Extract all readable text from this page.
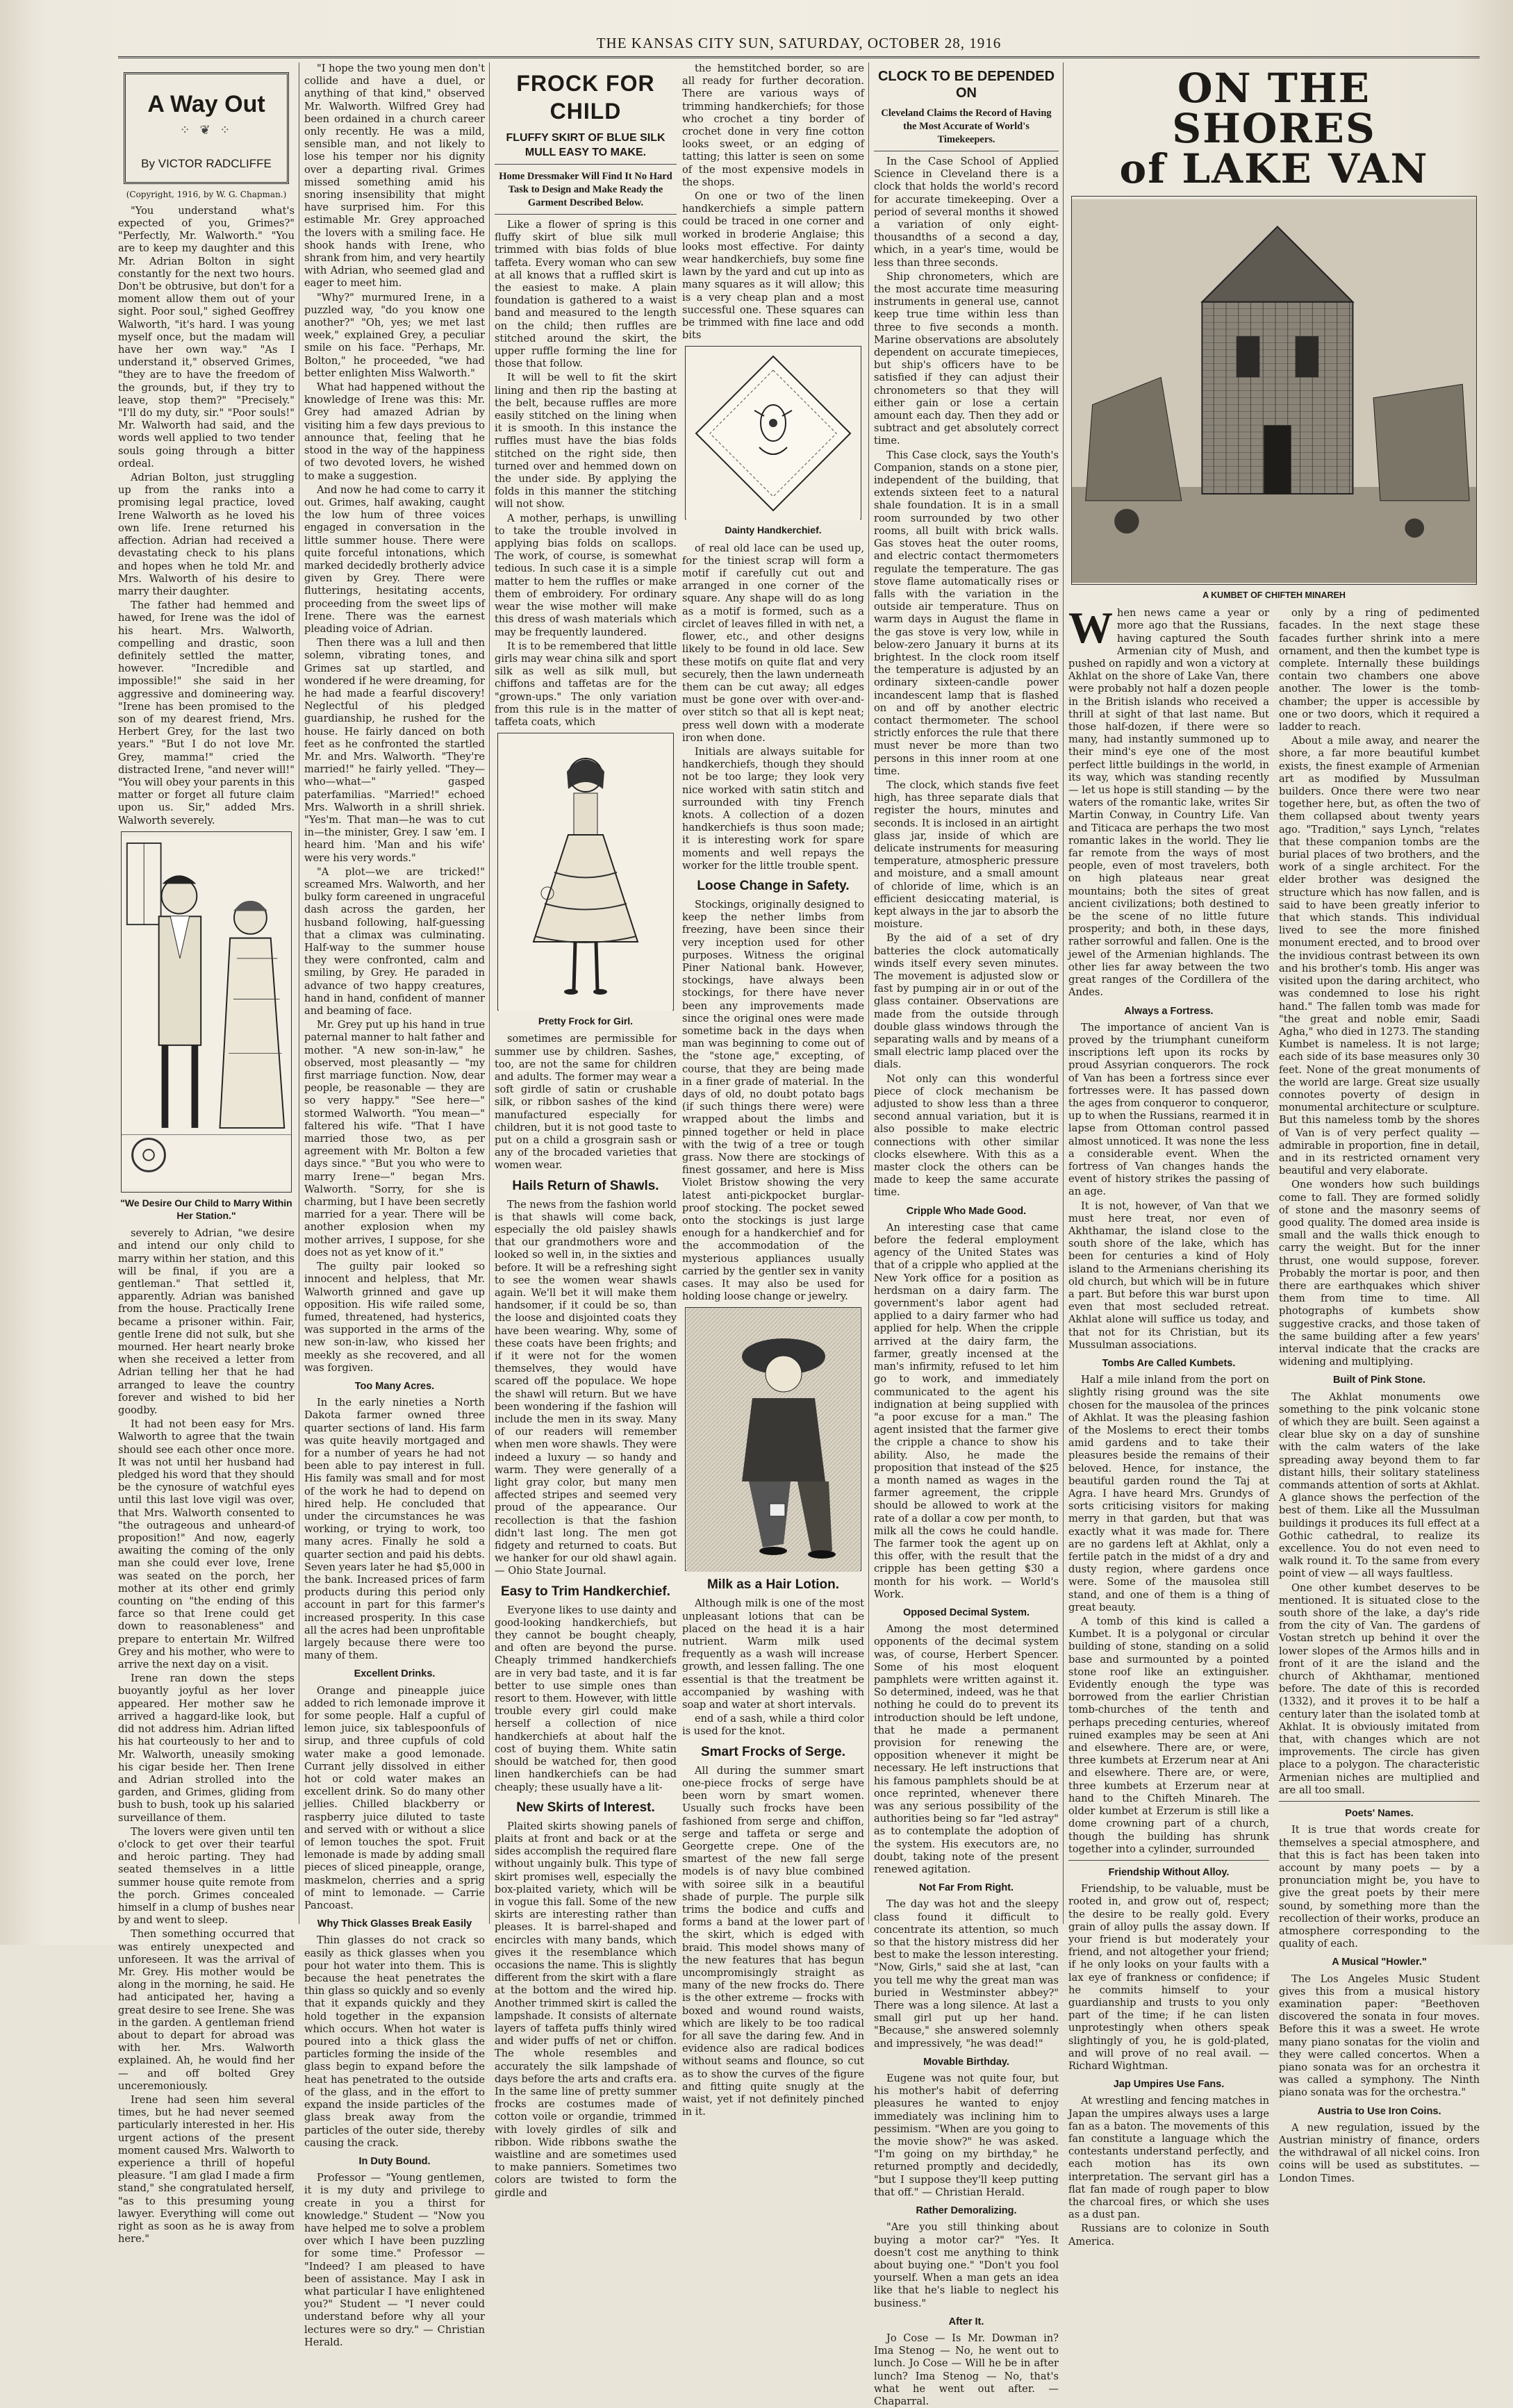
THE KANSAS CITY SUN, SATURDAY, OCTOBER 28, 1916
A Way Out
⁘ ❦ ⁘
By VICTOR RADCLIFFE
(Copyright, 1916, by W. G. Chapman.)

"You understand what's expected of you, Grimes?" "Perfectly, Mr. Walworth." "You are to keep my daughter and this Mr. Adrian Bolton in sight constantly for the next two hours. Don't be obtrusive, but don't for a moment allow them out of your sight. Poor soul," sighed Geoffrey Walworth, "it's hard. I was young myself once, but the madam will have her own way." "As I understand it," observed Grimes, "they are to have the freedom of the grounds, but, if they try to leave, stop them?" "Precisely." "I'll do my duty, sir." "Poor souls!" Mr. Walworth had said, and the words well applied to two tender souls going through a bitter ordeal.

Adrian Bolton, just struggling up from the ranks into a promising legal practice, loved Irene Walworth as he loved his own life. Irene returned his affection. Adrian had received a devastating check to his plans and hopes when he told Mr. and Mrs. Walworth of his desire to marry their daughter.

The father had hemmed and hawed, for Irene was the idol of his heart. Mrs. Walworth, compelling and drastic, soon definitely settled the matter, however. "Incredible and impossible!" she said in her aggressive and domineering way. "Irene has been promised to the son of my dearest friend, Mrs. Herbert Grey, for the last two years." "But I do not love Mr. Grey, mamma!" cried the distracted Irene, "and never will!" "You will obey your parents in this matter or forget all future claim upon us. Sir," added Mrs. Walworth severely.

"We Desire Our Child to Marry Within Her Station."

severely to Adrian, "we desire and intend our only child to marry within her station, and this will be final, if you are a gentleman." That settled it, apparently. Adrian was banished from the house. Practically Irene became a prisoner within. Fair, gentle Irene did not sulk, but she mourned. Her heart nearly broke when she received a letter from Adrian telling her that he had arranged to leave the country forever and wished to bid her goodby.

It had not been easy for Mrs. Walworth to agree that the twain should see each other once more. It was not until her husband had pledged his word that they should be the cynosure of watchful eyes until this last love vigil was over, that Mrs. Walworth consented to "the outrageous and unheard-of proposition!" And now, eagerly awaiting the coming of the only man she could ever love, Irene was seated on the porch, her mother at its other end grimly counting on "the ending of this farce so that Irene could get down to reasonableness" and prepare to entertain Mr. Wilfred Grey and his mother, who were to arrive the next day on a visit.

Irene ran down the steps buoyantly joyful as her lover appeared. Her mother saw he arrived a haggard-like look, but did not address him. Adrian lifted his hat courteously to her and to Mr. Walworth, uneasily smoking his cigar beside her. Then Irene and Adrian strolled into the garden, and Grimes, gliding from bush to bush, took up his salaried surveillance of them.

The lovers were given until ten o'clock to get over their tearful and heroic parting. They had seated themselves in a little summer house quite remote from the porch. Grimes concealed himself in a clump of bushes near by and went to sleep.

Then something occurred that was entirely unexpected and unforeseen. It was the arrival of Mr. Grey. His mother would be along in the morning, he said. He had anticipated her, having a great desire to see Irene. She was in the garden. A gentleman friend about to depart for abroad was with her. Mrs. Walworth explained. Ah, he would find her — and off bolted Grey unceremoniously.

Irene had seen him several times, but he had never seemed particularly interested in her. His urgent actions of the present moment caused Mrs. Walworth to experience a thrill of hopeful pleasure. "I am glad I made a firm stand," she congratulated herself, "as to this presuming young lawyer. Everything will come out right as soon as he is away from here."

"I hope the two young men don't collide and have a duel, or anything of that kind," observed Mr. Walworth. Wilfred Grey had been ordained in a church career only recently. He was a mild, sensible man, and not likely to lose his temper nor his dignity over a departing rival. Grimes missed something amid his snoring insensibility that might have surprised him. For this estimable Mr. Grey approached the lovers with a smiling face. He shook hands with Irene, who shrank from him, and very heartily with Adrian, who seemed glad and eager to meet him.

"Why?" murmured Irene, in a puzzled way, "do you know one another?" "Oh, yes; we met last week," explained Grey, a peculiar smile on his face. "Perhaps, Mr. Bolton," he proceeded, "we had better enlighten Miss Walworth."

What had happened without the knowledge of Irene was this: Mr. Grey had amazed Adrian by visiting him a few days previous to announce that, feeling that he stood in the way of the happiness of two devoted lovers, he wished to make a suggestion.

And now he had come to carry it out. Grimes, half awaking, caught the low hum of three voices engaged in conversation in the little summer house. There were quite forceful intonations, which marked decidedly brotherly advice given by Grey. There were flutterings, hesitating accents, proceeding from the sweet lips of Irene. There was the earnest pleading voice of Adrian.

Then there was a lull and then solemn, vibrating tones, and Grimes sat up startled, and wondered if he were dreaming, for he had made a fearful discovery! Neglectful of his pledged guardianship, he rushed for the house. He fairly danced on both feet as he confronted the startled Mr. and Mrs. Walworth. "They're married!" he fairly yelled. "They—who—what—" gasped paterfamilias. "Married!" echoed Mrs. Walworth in a shrill shriek. "Yes'm. That man—he was to cut in—the minister, Grey. I saw 'em. I heard him. 'Man and his wife' were his very words."

"A plot—we are tricked!" screamed Mrs. Walworth, and her bulky form careened in ungraceful dash across the garden, her husband following, half-guessing that a climax was culminating. Half-way to the summer house they were confronted, calm and smiling, by Grey. He paraded in advance of two happy creatures, hand in hand, confident of manner and beaming of face.

Mr. Grey put up his hand in true paternal manner to halt father and mother. "A new son-in-law," he observed, most pleasantly — "my first marriage function. Now, dear people, be reasonable — they are so very happy." "See here—" stormed Walworth. "You mean—" faltered his wife. "That I have married those two, as per agreement with Mr. Bolton a few days since." "But you who were to marry Irene—" began Mrs. Walworth. "Sorry, for she is charming, but I have been secretly married for a year. There will be another explosion when my mother arrives, I suppose, for she does not as yet know of it."

The guilty pair looked so innocent and helpless, that Mr. Walworth grinned and gave up opposition. His wife railed some, fumed, threatened, had hysterics, was supported in the arms of the new son-in-law, who kissed her meekly as she recovered, and all was forgiven.

Too Many Acres.

In the early nineties a North Dakota farmer owned three quarter sections of land. His farm was quite heavily mortgaged and for a number of years he had not been able to pay interest in full. His family was small and for most of the work he had to depend on hired help. He concluded that under the circumstances he was working, or trying to work, too many acres. Finally he sold a quarter section and paid his debts. Seven years later he had $5,000 in the bank. Increased prices of farm products during this period only account in part for this farmer's increased prosperity. In this case all the acres had been unprofitable largely because there were too many of them.

Excellent Drinks.

Orange and pineapple juice added to rich lemonade improve it for some people. Half a cupful of lemon juice, six tablespoonfuls of sirup, and three cupfuls of cold water make a good lemonade. Currant jelly dissolved in either hot or cold water makes an excellent drink. So do many other jellies. Chilled blackberry or raspberry juice diluted to taste and served with or without a slice of lemon touches the spot. Fruit lemonade is made by adding small pieces of sliced pineapple, orange, maskmelon, cherries and a sprig of mint to lemonade. — Carrie Pancoast.

Why Thick Glasses Break Easily

Thin glasses do not crack so easily as thick glasses when you pour hot water into them. This is because the heat penetrates the thin glass so quickly and so evenly that it expands quickly and they hold together in the expansion which occurs. When hot water is poured into a thick glass the particles forming the inside of the glass begin to expand before the heat has penetrated to the outside of the glass, and in the effort to expand the inside particles of the glass break away from the particles of the outer side, thereby causing the crack.

In Duty Bound.

Professor — "Young gentlemen, it is my duty and privilege to create in you a thirst for knowledge." Student — "Now you have helped me to solve a problem over which I have been puzzling for some time." Professor — "Indeed? I am pleased to have been of assistance. May I ask in what particular I have enlightened you?" Student — "I never could understand before why all your lectures were so dry." — Christian Herald.

FROCK FOR CHILD
FLUFFY SKIRT OF BLUE SILK MULL EASY TO MAKE.
Home Dressmaker Will Find It No Hard Task to Design and Make Ready the Garment Described Below.

Like a flower of spring is this fluffy skirt of blue silk mull trimmed with bias folds of blue taffeta. Every woman who can sew at all knows that a ruffled skirt is the easiest to make. A plain foundation is gathered to a waist band and measured to the length on the child; then ruffles are stitched around the skirt, the upper ruffle forming the line for those that follow.

It will be well to fit the skirt lining and then rip the basting at the belt, because ruffles are more easily stitched on the lining when it is smooth. In this instance the ruffles must have the bias folds stitched on the right side, then turned over and hemmed down on the under side. By applying the folds in this manner the stitching will not show.

A mother, perhaps, is unwilling to take the trouble involved in applying bias folds on scallops. The work, of course, is somewhat tedious. In such case it is a simple matter to hem the ruffles or make them of embroidery. For ordinary wear the wise mother will make this dress of wash materials which may be frequently laundered.

It is to be remembered that little girls may wear china silk and sport silk as well as silk mull, but chiffons and taffetas are for the "grown-ups." The only variation from this rule is in the matter of taffeta coats, which

Pretty Frock for Girl.

sometimes are permissible for summer use by children. Sashes, too, are not the same for children and adults. The former may wear a soft girdle of satin or crushable silk, or ribbon sashes of the kind manufactured especially for children, but it is not good taste to put on a child a grosgrain sash or any of the brocaded varieties that women wear.

Hails Return of Shawls.

The news from the fashion world is that shawls will come back, especially the old paisley shawls that our grandmothers wore and looked so well in, in the sixties and before. It will be a refreshing sight to see the women wear shawls again. We'll bet it will make them handsomer, if it could be so, than the loose and disjointed coats they have been wearing. Why, some of these coats have been frights; and if it were not for the women themselves, they would have scared off the populace. We hope the shawl will return. But we have been wondering if the fashion will include the men in its sway. Many of our readers will remember when men wore shawls. They were indeed a luxury — so handy and warm. They were generally of a light gray color, but many men affected stripes and seemed very proud of the appearance. Our recollection is that the fashion didn't last long. The men got fidgety and returned to coats. But we hanker for our old shawl again. — Ohio State Journal.

Easy to Trim Handkerchief.

Everyone likes to use dainty and good-looking handkerchiefs, but they cannot be bought cheaply, and often are beyond the purse. Cheaply trimmed handkerchiefs are in very bad taste, and it is far better to use simple ones than resort to them. However, with little trouble every girl could make herself a collection of nice handkerchiefs at about half the cost of buying them. White satin should be watched for, then good linen handkerchiefs can be had cheaply; these usually have a lit-

New Skirts of Interest.

Plaited skirts showing panels of plaits at front and back or at the sides accomplish the required flare without ungainly bulk. This type of skirt promises well, especially the box-plaited variety, which will be in vogue this fall. Some of the new skirts are interesting rather than pleases. It is barrel-shaped and encircles with many bands, which gives it the resemblance which occasions the name. This is slightly different from the skirt with a flare at the bottom and the wired hip. Another trimmed skirt is called the lampshade. It consists of alternate layers of taffeta puffs thinly wired and wider puffs of net or chiffon. The whole resembles and accurately the silk lampshade of days before the arts and crafts era. In the same line of pretty summer frocks are costumes made of cotton voile or organdie, trimmed with lovely girdles of silk and ribbon. Wide ribbons swathe the waistline and are sometimes used to make panniers. Sometimes two colors are twisted to form the girdle and

the hemstitched border, so are all ready for further decoration. There are various ways of trimming handkerchiefs; for those who crochet a tiny border of crochet done in very fine cotton looks sweet, or an edging of tatting; this latter is seen on some of the most expensive models in the shops.

On one or two of the linen handkerchiefs a simple pattern could be traced in one corner and worked in broderie Anglaise; this looks most effective. For dainty wear handkerchiefs, buy some fine lawn by the yard and cut up into as many squares as it will allow; this is a very cheap plan and a most successful one. These squares can be trimmed with fine lace and odd bits

Dainty Handkerchief.

of real old lace can be used up, for the tiniest scrap will form a motif if carefully cut out and arranged in one corner of the square. Any shape will do as long as a motif is formed, such as a circlet of leaves filled in with net, a flower, etc., and other designs likely to be found in old lace. Sew these motifs on quite flat and very securely, then the lawn underneath them can be cut away; all edges must be gone over with over-and-over stitch so that all is kept neat; press well down with a moderate iron when done.

Initials are always suitable for handkerchiefs, though they should not be too large; they look very nice worked with satin stitch and surrounded with tiny French knots. A collection of a dozen handkerchiefs is thus soon made; it is interesting work for spare moments and well repays the worker for the little trouble spent.

Loose Change in Safety.

Stockings, originally designed to keep the nether limbs from freezing, have been since their very inception used for other purposes. Witness the original Piner National bank. However, stockings, have always been stockings, for there have never been any improvements made since the original ones were made sometime back in the days when man was beginning to come out of the "stone age," excepting, of course, that they are being made in a finer grade of material. In the days of old, no doubt potato bags (if such things there were) were wrapped about the limbs and pinned together or held in place with the twig of a tree or tough grass. Now there are stockings of finest gossamer, and here is Miss Violet Bristow showing the very latest anti-pickpocket burglar-proof stocking. The pocket sewed onto the stockings is just large enough for a handkerchief and for the accommodation of the mysterious appliances usually carried by the gentler sex in vanity cases. It may also be used for holding loose change or jewelry.

Milk as a Hair Lotion.

Although milk is one of the most unpleasant lotions that can be placed on the head it is a hair nutrient. Warm milk used frequently as a wash will increase growth, and lessen falling. The one essential is that the treatment be accompanied by washing with soap and water at short intervals.

end of a sash, while a third color is used for the knot.

Smart Frocks of Serge.

All during the summer smart one-piece frocks of serge have been worn by smart women. Usually such frocks have been fashioned from serge and chiffon, serge and taffeta or serge and Georgette crepe. One of the smartest of the new fall serge models is of navy blue combined with soiree silk in a beautiful shade of purple. The purple silk trims the bodice and cuffs and forms a band at the lower part of the skirt, which is edged with braid. This model shows many of the new features that has begun uncompromisingly straight as many of the new frocks do. There is the other extreme — frocks with boxed and wound round waists, which are likely to be too radical for all save the daring few. And in evidence also are radical bodices without seams and flounce, so cut as to show the curves of the figure and fitting quite snugly at the waist, yet if not definitely pinched in it.

CLOCK TO BE DEPENDED ON
Cleveland Claims the Record of Having the Most Accurate of World's Timekeepers.

In the Case School of Applied Science in Cleveland there is a clock that holds the world's record for accurate timekeeping. Over a period of several months it showed a variation of only eight-thousandths of a second a day, which, in a year's time, would be less than three seconds.

Ship chronometers, which are the most accurate time measuring instruments in general use, cannot keep true time within less than three to five seconds a month. Marine observations are absolutely dependent on accurate timepieces, but ship's officers have to be satisfied if they can adjust their chronometers so that they will either gain or lose a certain amount each day. Then they add or subtract and get absolutely correct time.

This Case clock, says the Youth's Companion, stands on a stone pier, independent of the building, that extends sixteen feet to a natural shale foundation. It is in a small room surrounded by two other rooms, all built with brick walls. Gas stoves heat the outer rooms, and electric contact thermometers regulate the temperature. The gas stove flame automatically rises or falls with the variation in the outside air temperature. Thus on warm days in August the flame in the gas stove is very low, while in below-zero January it burns at its brightest. In the clock room itself the temperature is adjusted by an ordinary sixteen-candle power incandescent lamp that is flashed on and off by another electric contact thermometer. The school strictly enforces the rule that there must never be more than two persons in this inner room at one time.

The clock, which stands five feet high, has three separate dials that register the hours, minutes and seconds. It is inclosed in an airtight glass jar, inside of which are delicate instruments for measuring temperature, atmospheric pressure and moisture, and a small amount of chloride of lime, which is an efficient desiccating material, is kept always in the jar to absorb the moisture.

By the aid of a set of dry batteries the clock automatically winds itself every seven minutes. The movement is adjusted slow or fast by pumping air in or out of the glass container. Observations are made from the outside through double glass windows through the separating walls and by means of a small electric lamp placed over the dials.

Not only can this wonderful piece of clock mechanism be adjusted to show less than a three second annual variation, but it is also possible to make electric connections with other similar clocks elsewhere. With this as a master clock the others can be made to keep the same accurate time.

Cripple Who Made Good.

An interesting case that came before the federal employment agency of the United States was that of a cripple who applied at the New York office for a position as herdsman on a dairy farm. The government's labor agent had applied to a dairy farmer who had applied for help. When the cripple arrived at the dairy farm, the farmer, greatly incensed at the man's infirmity, refused to let him go to work, and immediately communicated to the agent his indignation at being supplied with "a poor excuse for a man." The agent insisted that the farmer give the cripple a chance to show his ability. Also, he made the proposition that instead of the $25 a month named as wages in the farmer agreement, the cripple should be allowed to work at the rate of a dollar a cow per month, to milk all the cows he could handle. The farmer took the agent up on this offer, with the result that the cripple has been getting $30 a month for his work. — World's Work.

Opposed Decimal System.

Among the most determined opponents of the decimal system was, of course, Herbert Spencer. Some of his most eloquent pamphlets were written against it. So determined, indeed, was he that nothing he could do to prevent its introduction should be left undone, that he made a permanent provision for renewing the opposition whenever it might be necessary. He left instructions that his famous pamphlets should be at once reprinted, whenever there was any serious possibility of the authorities being so far "led astray" as to contemplate the adoption of the system. His executors are, no doubt, taking note of the present renewed agitation.

Not Far From Right.

The day was hot and the sleepy class found it difficult to concentrate its attention, so much so that the history mistress did her best to make the lesson interesting. "Now, Girls," said she at last, "can you tell me why the great man was buried in Westminster abbey?" There was a long silence. At last a small girl put up her hand. "Because," she answered solemnly and impressively, "he was dead!"

Movable Birthday.

Eugene was not quite four, but his mother's habit of deferring pleasures he wanted to enjoy immediately was inclining him to pessimism. "When are you going to the movie show?" he was asked. "I'm going on my birthday," he returned promptly and decidedly, "but I suppose they'll keep putting that off." — Christian Herald.

Rather Demoralizing.

"Are you still thinking about buying a motor car?" "Yes. It doesn't cost me anything to think about buying one." "Don't you fool yourself. When a man gets an idea like that he's liable to neglect his business."

After It.

Jo Cose — Is Mr. Dowman in? Ima Stenog — No, he went out to lunch. Jo Cose — Will he be in after lunch? Ima Stenog — No, that's what he went out after. — Chaparral.

ON THE SHORES
of LAKE VAN
A KUMBET OF CHIFTEH MINAREH

When news came a year or more ago that the Russians, having captured the South Armenian city of Mush, and pushed on rapidly and won a victory at Akhlat on the shore of Lake Van, there were probably not half a dozen people in the British islands who received a thrill at sight of that last name. But those half-dozen, if there were so many, had instantly summoned up to their mind's eye one of the most perfect little buildings in the world, in its way, which was standing recently — let us hope is still standing — by the waters of the romantic lake, writes Sir Martin Conway, in Country Life. Van and Titicaca are perhaps the two most romantic lakes in the world. They lie far remote from the ways of most people, even of most travelers, both on high plateaus near great mountains; both the sites of great ancient civilizations; both destined to be the scene of no little future prosperity; and both, in these days, rather sorrowful and fallen. One is the jewel of the Armenian highlands. The other lies far away between the two great ranges of the Cordillera of the Andes.

Always a Fortress.

The importance of ancient Van is proved by the triumphant cuneiform inscriptions left upon its rocks by proud Assyrian conquerors. The rock of Van has been a fortress since ever fortresses were. It has passed down the ages from conqueror to conqueror, up to when the Russians, rearmed it in lapse from Ottoman control passed almost unnoticed. It was none the less a considerable event. When the fortress of Van changes hands the event of history strikes the passing of an age.

It is not, however, of Van that we must here treat, nor even of Akhthamar, the island close to the south shore of the lake, which has been for centuries a kind of Holy island to the Armenians cherishing its old church, but which will be in future a part. But before this war burst upon even that most secluded retreat. Akhlat alone will suffice us today, and that not for its Christian, but its Mussulman associations.

Tombs Are Called Kumbets.

Half a mile inland from the port on slightly rising ground was the site chosen for the mausolea of the princes of Akhlat. It was the pleasing fashion of the Moslems to erect their tombs amid gardens and to take their pleasures beside the remains of their beloved. Hence, for instance, the beautiful garden round the Taj at Agra. I have heard Mrs. Grundys of sorts criticising visitors for making merry in that garden, but that was exactly what it was made for. There are no gardens left at Akhlat, only a fertile patch in the midst of a dry and dusty region, where gardens once were. Some of the mausolea still stand, and one of them is a thing of great beauty.

A tomb of this kind is called a Kumbet. It is a polygonal or circular building of stone, standing on a solid base and surmounted by a pointed stone roof like an extinguisher. Evidently enough the type was borrowed from the earlier Christian tomb-churches of the tenth and perhaps preceding centuries, whereof ruined examples may be seen at Ani and elsewhere. There are, or were, three kumbets at Erzerum near at Ani and elsewhere. There are, or were, three kumbets at Erzerum near at hand to the Chifteh Minareh. The older kumbet at Erzerum is still like a dome crowning part of a church, though the building has shrunk together into a cylinder, surrounded

Friendship Without Alloy.

Friendship, to be valuable, must be rooted in, and grow out of, respect; the desire to be really gold. Every grain of alloy pulls the assay down. If your friend is but moderately your friend, and not altogether your friend; if he only looks on your faults with a lax eye of frankness or confidence; if he commits himself to your guardianship and trusts to you only part of the time; if he can listen unprotestingly when others speak slightingly of you, he is gold-plated, and will prove of no real avail. — Richard Wightman.

Jap Umpires Use Fans.

At wrestling and fencing matches in Japan the umpires always uses a large fan as a baton. The movements of this fan constitute a language which the contestants understand perfectly, and each motion has its own interpretation. The servant girl has a flat fan made of rough paper to blow the charcoal fires, or which she uses as a dust pan.

Russians are to colonize in South America.

only by a ring of pedimented facades. In the next stage these facades further shrink into a mere ornament, and then the kumbet type is complete. Internally these buildings contain two chambers one above another. The lower is the tomb-chamber; the upper is accessible by one or two doors, which it required a ladder to reach.

About a mile away, and nearer the shore, a far more beautiful kumbet exists, the finest example of Armenian art as modified by Mussulman builders. Once there were two near together here, but, as often the two of them collapsed about twenty years ago. "Tradition," says Lynch, "relates that these companion tombs are the burial places of two brothers, and the work of a single architect. For the elder brother was designed the structure which has now fallen, and is said to have been greatly inferior to that which stands. This individual lived to see the more finished monument erected, and to brood over the invidious contrast between its own and his brother's tomb. His anger was visited upon the daring architect, who was condemned to lose his right hand." The fallen tomb was made for "the great and noble emir, Saadi Agha," who died in 1273. The standing Kumbet is nameless. It is not large; each side of its base measures only 30 feet. None of the great monuments of the world are large. Great size usually connotes poverty of design in monumental architecture or sculpture. But this nameless tomb by the shores of Van is of very perfect quality — admirable in proportion, fine in detail, and in its restricted ornament very beautiful and very elaborate.

One wonders how such buildings come to fall. They are formed solidly of stone and the masonry seems of good quality. The domed area inside is small and the walls thick enough to carry the weight. But for the inner thrust, one would suppose, forever. Probably the mortar is poor, and then there are earthquakes which shiver them from time to time. All photographs of kumbets show suggestive cracks, and those taken of the same building after a few years' interval indicate that the cracks are widening and multiplying.

Built of Pink Stone.

The Akhlat monuments owe something to the pink volcanic stone of which they are built. Seen against a clear blue sky on a day of sunshine with the calm waters of the lake spreading away beyond them to far distant hills, their solitary stateliness commands attention of sorts at Akhlat. A glance shows the perfection of the best of them. Like all the Mussulman buildings it produces its full effect at a Gothic cathedral, to realize its excellence. You do not even need to walk round it. To the same from every point of view — all ways faultless.

One other kumbet deserves to be mentioned. It is situated close to the south shore of the lake, a day's ride from the city of Van. The gardens of Vostan stretch up behind it over the lower slopes of the Armos hills and in front of it are the island and the church of Akhthamar, mentioned before. The date of this is recorded (1332), and it proves it to be half a century later than the isolated tomb at Akhlat. It is obviously imitated from that, with changes which are not improvements. The circle has given place to a polygon. The characteristic Armenian niches are multiplied and are all too small.

Poets' Names.

It is true that words create for themselves a special atmosphere, and that this is fact has been taken into account by many poets — by a pronunciation might be, you have to give the great poets by their mere sound, by something more than the recollection of their works, produce an atmosphere corresponding to the quality of each.

A Musical "Howler."

The Los Angeles Music Student gives this from a musical history examination paper: "Beethoven discovered the sonata in four moves. Before this it was a sweet. He wrote many piano sonatas for the violin and they were called concertos. When a piano sonata was for an orchestra it was called a symphony. The Ninth piano sonata was for the orchestra."

Austria to Use Iron Coins.

A new regulation, issued by the Austrian ministry of finance, orders the withdrawal of all nickel coins. Iron coins will be used as substitutes. — London Times.
